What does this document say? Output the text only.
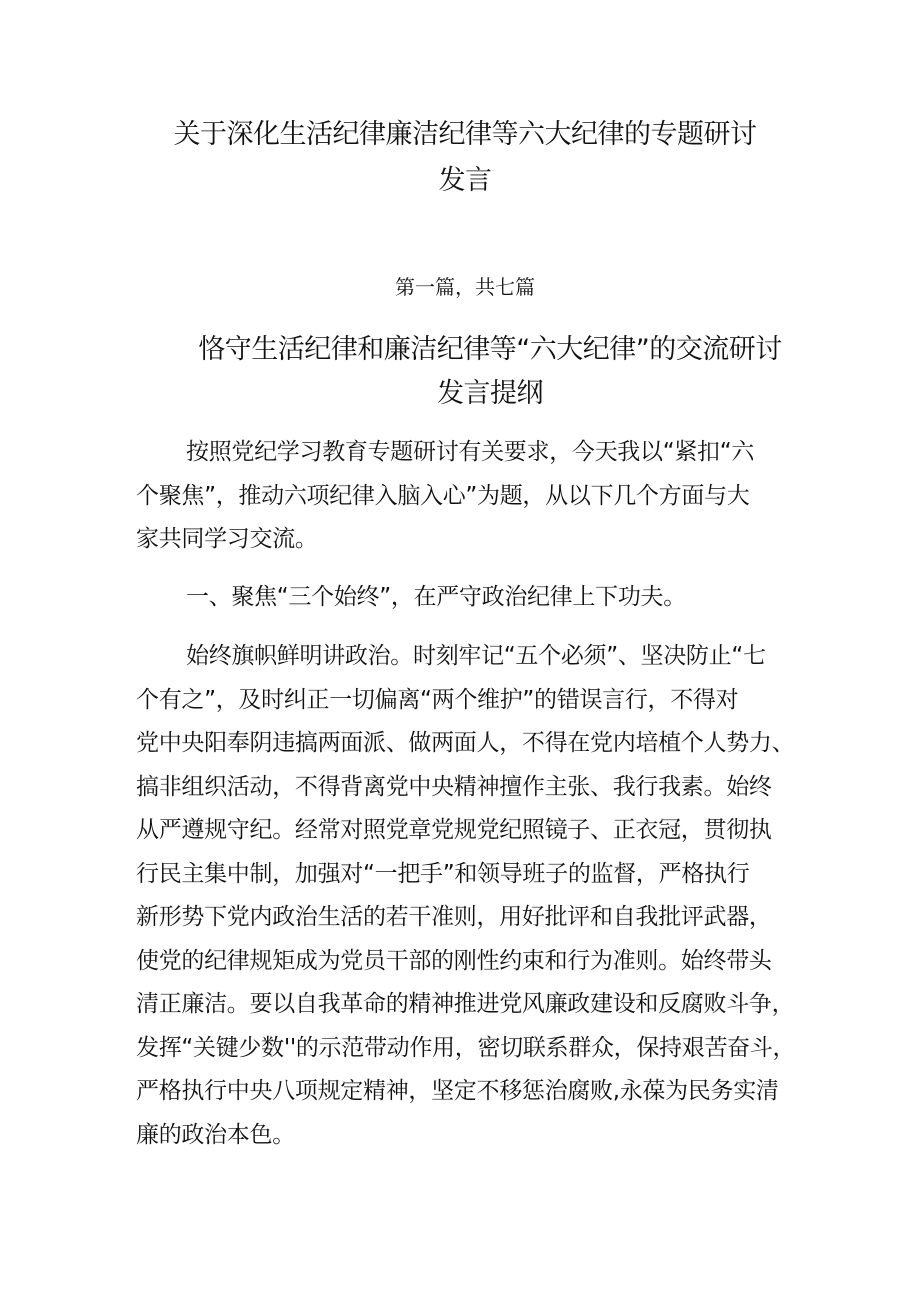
关于深化生活纪律廉洁纪律等六大纪律的专题研讨
发言

第一篇，共七篇

恪守生活纪律和廉洁纪律等“六大纪律”的交流研讨
发言提纲
按照党纪学习教育专题研讨有关要求，今天我以“紧扣“六
个聚焦”，推动六项纪律入脑入心”为题，从以下几个方面与大
家共同学习交流。
一、聚焦“三个始终”，在严守政治纪律上下功夫。
始终旗帜鲜明讲政治。时刻牢记“五个必须”、坚决防止“七
个有之”，及时纠正一切偏离“两个维护”的错误言行，不得对
党中央阳奉阴违搞两面派、做两面人，不得在党内培植个人势力、
搞非组织活动，不得背离党中央精神擅作主张、我行我素。始终
从严遵规守纪。经常对照党章党规党纪照镜子、正衣冠，贯彻执
行民主集中制，加强对“一把手”和领导班子的监督，严格执行
新形势下党内政治生活的若干准则，用好批评和自我批评武器，
使党的纪律规矩成为党员干部的刚性约束和行为准则。始终带头
清正廉洁。要以自我革命的精神推进党风廉政建设和反腐败斗争，
发挥“关键少数''的示范带动作用，密切联系群众，保持艰苦奋斗，
严格执行中央八项规定精神，坚定不移惩治腐败,永葆为民务实清
廉的政治本色。
